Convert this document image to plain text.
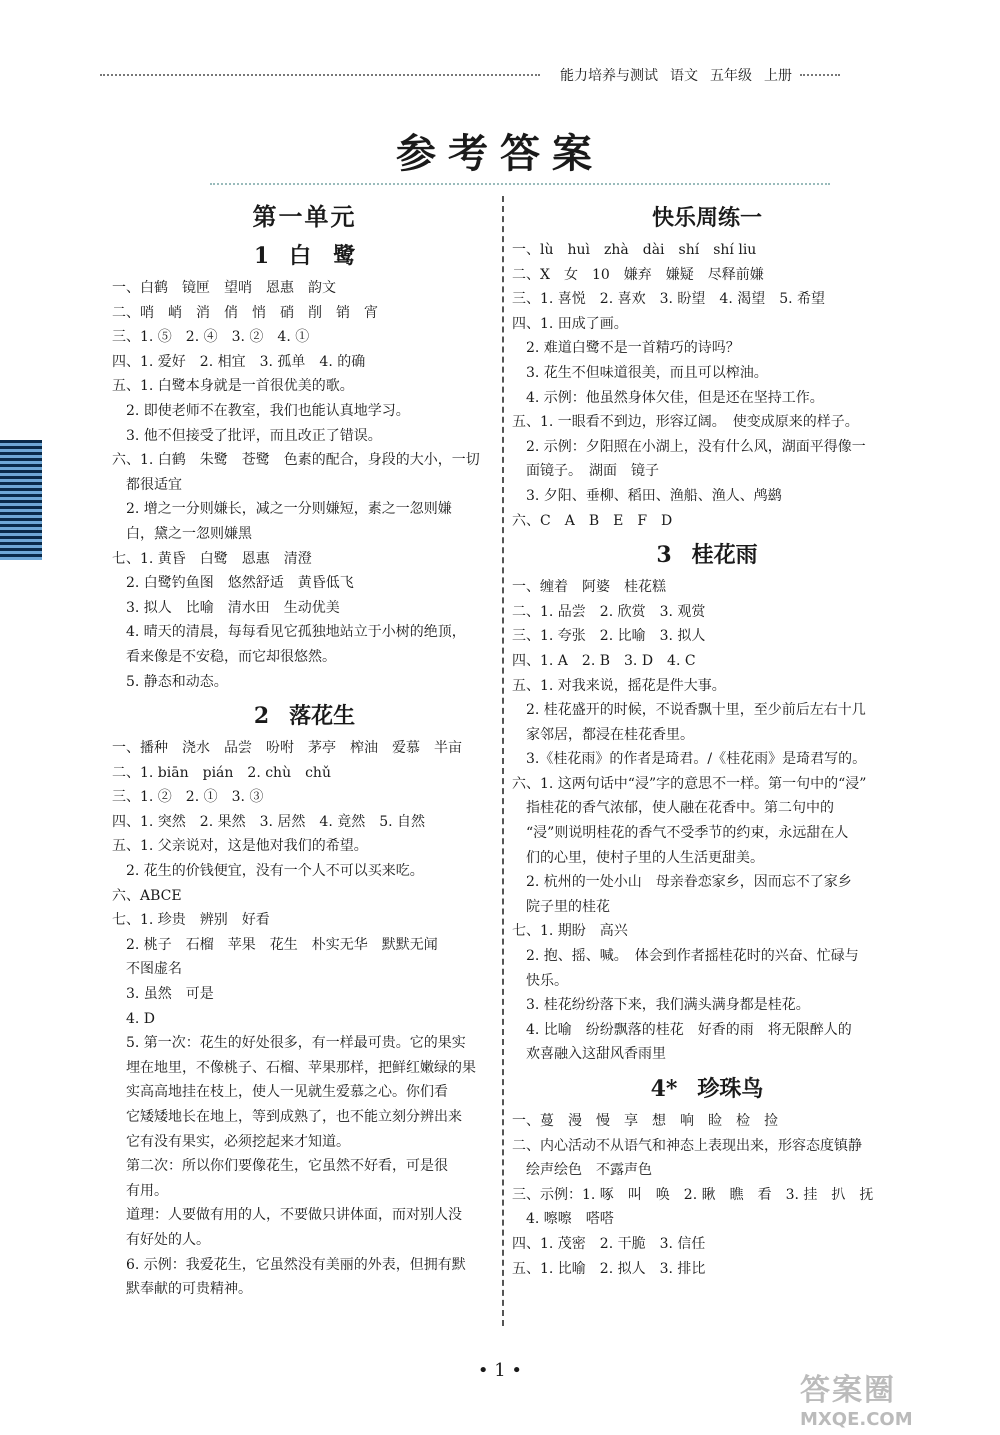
能力培养与测试 语文 五年级 上册
参考答案
第一单元
1 白　鹭
一、白鹤　镜匣　望哨　恩惠　韵文
二、哨　峭　消　俏　悄　硝　削　销　宵
三、1. ⑤　2. ④　3. ②　4. ①
四、1. 爱好　2. 相宜　3. 孤单　4. 的确
五、1. 白鹭本身就是一首很优美的歌。
2. 即使老师不在教室，我们也能认真地学习。
3. 他不但接受了批评，而且改正了错误。
六、1. 白鹤　朱鹭　苍鹭　色素的配合，身段的大小，一切
都很适宜
2. 增之一分则嫌长，减之一分则嫌短，素之一忽则嫌
白，黛之一忽则嫌黑
七、1. 黄昏　白鹭　恩惠　清澄
2. 白鹭钓鱼图　悠然舒适　黄昏低飞
3. 拟人　比喻　清水田　生动优美
4. 晴天的清晨，每每看见它孤独地站立于小树的绝顶，
看来像是不安稳，而它却很悠然。
5. 静态和动态。
2 落花生
一、播种　浇水　品尝　吩咐　茅亭　榨油　爱慕　半亩
二、1. biān　pián　2. chù　chǔ
三、1. ②　2. ①　3. ③
四、1. 突然　2. 果然　3. 居然　4. 竟然　5. 自然
五、1. 父亲说对，这是他对我们的希望。
2. 花生的价钱便宜，没有一个人不可以买来吃。
六、ABCE
七、1. 珍贵　辨别　好看
2. 桃子　石榴　苹果　花生　朴实无华　默默无闻
不图虚名
3. 虽然　可是
4. D
5. 第一次：花生的好处很多，有一样最可贵。它的果实
埋在地里，不像桃子、石榴、苹果那样，把鲜红嫩绿的果
实高高地挂在枝上，使人一见就生爱慕之心。你们看
它矮矮地长在地上，等到成熟了，也不能立刻分辨出来
它有没有果实，必须挖起来才知道。
第二次：所以你们要像花生，它虽然不好看，可是很
有用。
道理：人要做有用的人，不要做只讲体面，而对别人没
有好处的人。
6. 示例：我爱花生，它虽然没有美丽的外表，但拥有默
默奉献的可贵精神。
快乐周练一
一、lù　huì　zhà　dài　shí　shí liu
二、X　女　10　嫌弃　嫌疑　尽释前嫌
三、1. 喜悦　2. 喜欢　3. 盼望　4. 渴望　5. 希望
四、1. 田成了画。
2. 难道白鹭不是一首精巧的诗吗？
3. 花生不但味道很美，而且可以榨油。
4. 示例：他虽然身体欠佳，但是还在坚持工作。
五、1. 一眼看不到边，形容辽阔。　使变成原来的样子。
2. 示例：夕阳照在小湖上，没有什么风，湖面平得像一
面镜子。　湖面　镜子
3. 夕阳、垂柳、稻田、渔船、渔人、鸬鹚
六、C　A　B　E　F　D
3 桂花雨
一、缠着　阿婆　桂花糕
二、1. 品尝　2. 欣赏　3. 观赏
三、1. 夸张　2. 比喻　3. 拟人
四、1. A　2. B　3. D　4. C
五、1. 对我来说，摇花是件大事。
2. 桂花盛开的时候，不说香飘十里，至少前后左右十几
家邻居，都浸在桂花香里。
3.《桂花雨》的作者是琦君。/《桂花雨》是琦君写的。
六、1. 这两句话中“浸”字的意思不一样。第一句中的“浸”
指桂花的香气浓郁，使人融在花香中。第二句中的
“浸”则说明桂花的香气不受季节的约束，永远甜在人
们的心里，使村子里的人生活更甜美。
2. 杭州的一处小山　母亲眷恋家乡，因而忘不了家乡
院子里的桂花
七、1. 期盼　高兴
2. 抱、摇、喊。　体会到作者摇桂花时的兴奋、忙碌与
快乐。
3. 桂花纷纷落下来，我们满头满身都是桂花。
4. 比喻　纷纷飘落的桂花　好香的雨　将无限醉人的
欢喜融入这甜风香雨里
4* 珍珠鸟
一、蔓　漫　慢　享　想　响　睑　检　捡
二、内心活动不从语气和神态上表现出来，形容态度镇静
绘声绘色　不露声色
三、示例：1. 啄　叫　唤　2. 瞅　瞧　看　3. 挂　扒　抚
4. 嚓嚓　嗒嗒
四、1. 茂密　2. 干脆　3. 信任
五、1. 比喻　2. 拟人　3. 排比
• 1 •
答案圈
MXQE.COM
